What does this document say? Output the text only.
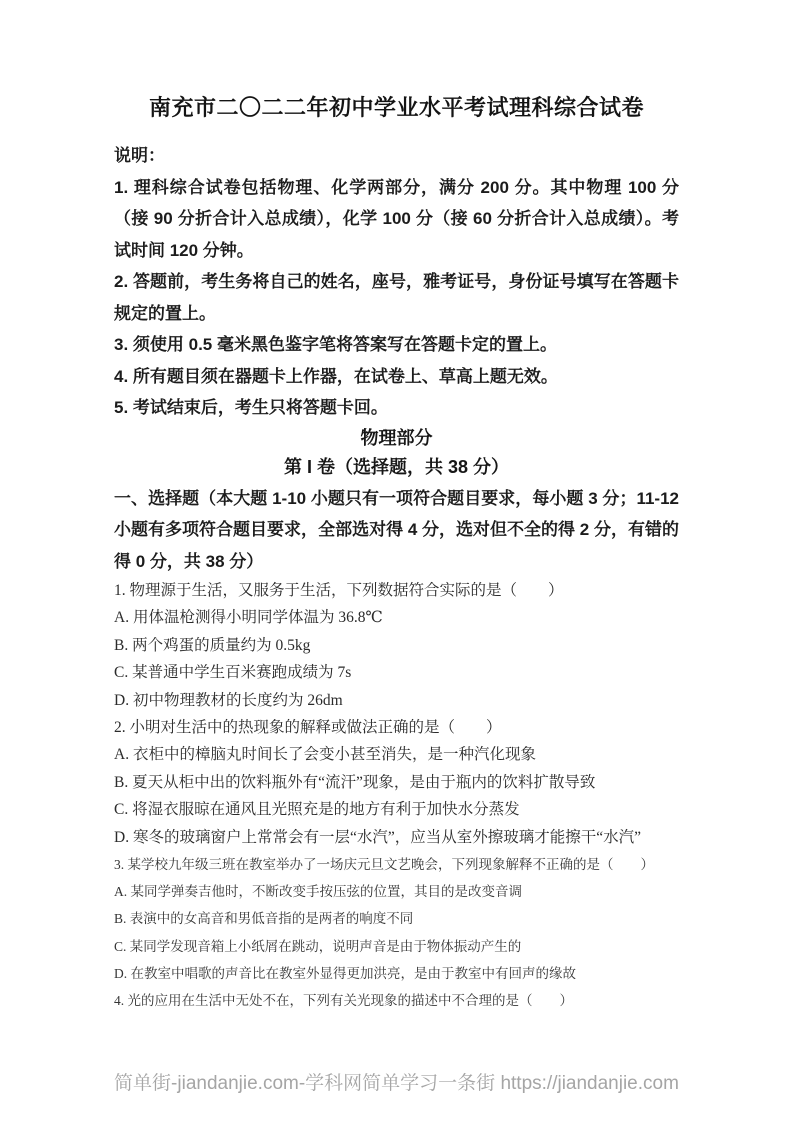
南充市二〇二二年初中学业水平考试理科综合试卷

说明：

1. 理科综合试卷包括物理、化学两部分，满分 200 分。其中物理 100 分（接 90 分折合计入总成绩），化学 100 分（接 60 分折合计入总成绩）。考试时间 120 分钟。

2. 答题前，考生务将自己的姓名，座号，雅考证号，身份证号填写在答题卡规定的置上。

3. 须使用 0.5 毫米黑色鉴字笔将答案写在答题卡定的置上。

4. 所有题目须在器题卡上作器，在试卷上、草高上题无效。

5. 考试结束后，考生只将答题卡回。

物理部分

第 I 卷（选择题，共 38 分）

一、选择题（本大题 1-10 小题只有一项符合题目要求，每小题 3 分；11-12 小题有多项符合题目要求，全部选对得 4 分，选对但不全的得 2 分，有错的得 0 分，共 38 分）

1. 物理源于生活，又服务于生活，下列数据符合实际的是（　　）

A. 用体温枪测得小明同学体温为 36.8℃

B. 两个鸡蛋的质量约为 0.5kg

C. 某普通中学生百米赛跑成绩为 7s

D. 初中物理教材的长度约为 26dm

2. 小明对生活中的热现象的解释或做法正确的是（　　）

A. 衣柜中的樟脑丸时间长了会变小甚至消失，是一种汽化现象

B. 夏天从柜中出的饮料瓶外有“流汗”现象，是由于瓶内的饮料扩散导致

C. 将湿衣服晾在通风且光照充是的地方有利于加快水分蒸发

D. 寒冬的玻璃窗户上常常会有一层“水汽”，应当从室外擦玻璃才能擦干“水汽”

3. 某学校九年级三班在教室举办了一场庆元旦文艺晚会，下列现象解释不正确的是（　　）

A. 某同学弹奏吉他时，不断改变手按压弦的位置，其目的是改变音调

B. 表演中的女高音和男低音指的是两者的响度不同

C. 某同学发现音箱上小纸屑在跳动，说明声音是由于物体振动产生的

D. 在教室中唱歌的声音比在教室外显得更加洪亮，是由于教室中有回声的缘故

4. 光的应用在生活中无处不在，下列有关光现象的描述中不合理的是（　　）

简单街-jiandanjie.com-学科网简单学习一条街 https://jiandanjie.com
